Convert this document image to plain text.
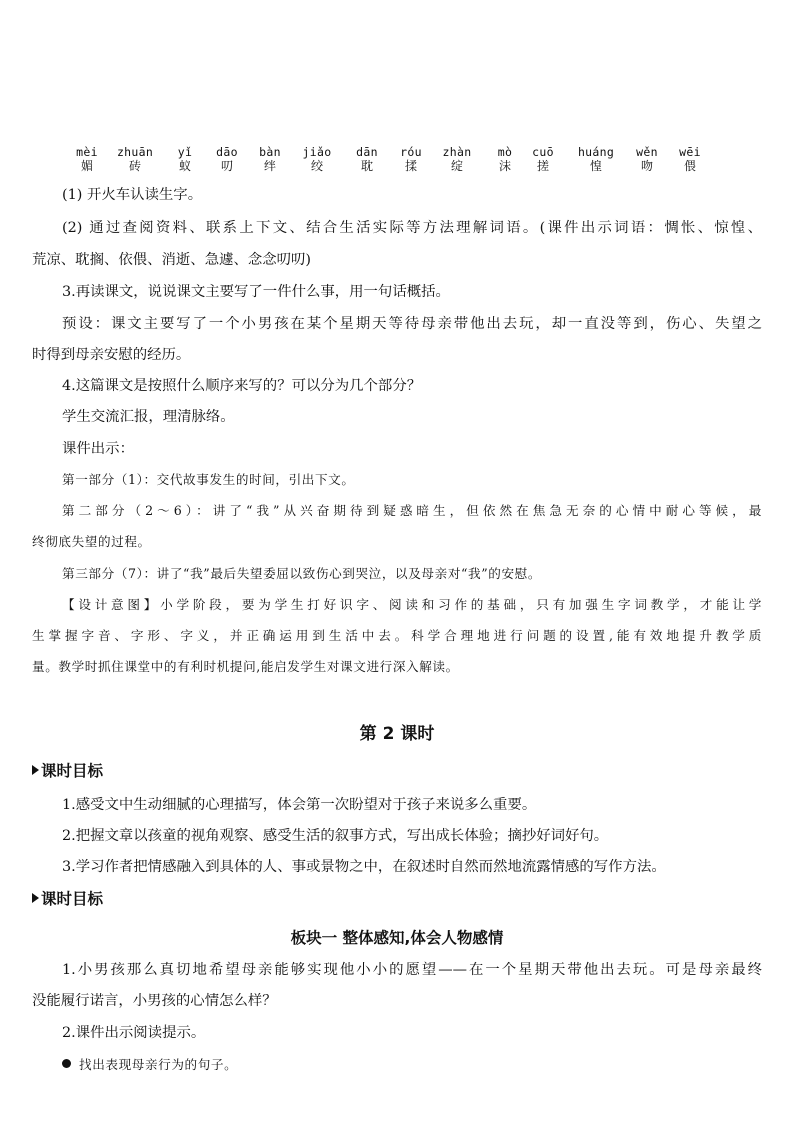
mèi
媚
zhuān
砖
yǐ
蚁
dāo
叨
bàn
绊
jiǎo
绞
dān
耽
róu
揉
zhàn
绽
mò
沫
cuō
搓
huáng
惶
wěn
吻
wēi
偎
(1) 开火车认读生字。
(2) 通过查阅资料、联系上下文、结合生活实际等方法理解词语。(课件出示词语：惆怅、惊惶、
荒凉、耽搁、依偎、消逝、急遽、念念叨叨)
3.再读课文，说说课文主要写了一件什么事，用一句话概括。
预设：课文主要写了一个小男孩在某个星期天等待母亲带他出去玩，却一直没等到，伤心、失望之
时得到母亲安慰的经历。
4.这篇课文是按照什么顺序来写的？可以分为几个部分？
学生交流汇报，理清脉络。
课件出示：
第一部分（1）：交代故事发生的时间，引出下文。
第二部分（2～6）：讲了“我”从兴奋期待到疑惑暗生，但依然在焦急无奈的心情中耐心等候，最
终彻底失望的过程。
第三部分（7）：讲了“我”最后失望委屈以致伤心到哭泣，以及母亲对“我”的安慰。
【设计意图】小学阶段，要为学生打好识字、阅读和习作的基础，只有加强生字词教学，才能让学
生掌握字音、字形、字义，并正确运用到生活中去。科学合理地进行问题的设置,能有效地提升教学质
量。教学时抓住课堂中的有利时机提问,能启发学生对课文进行深入解读。
第 2 课时
课时目标
1.感受文中生动细腻的心理描写，体会第一次盼望对于孩子来说多么重要。
2.把握文章以孩童的视角观察、感受生活的叙事方式，写出成长体验；摘抄好词好句。
3.学习作者把情感融入到具体的人、事或景物之中，在叙述时自然而然地流露情感的写作方法。
课时目标
板块一 整体感知,体会人物感情
1.小男孩那么真切地希望母亲能够实现他小小的愿望——在一个星期天带他出去玩。可是母亲最终
没能履行诺言，小男孩的心情怎么样？
2.课件出示阅读提示。
找出表现母亲行为的句子。
